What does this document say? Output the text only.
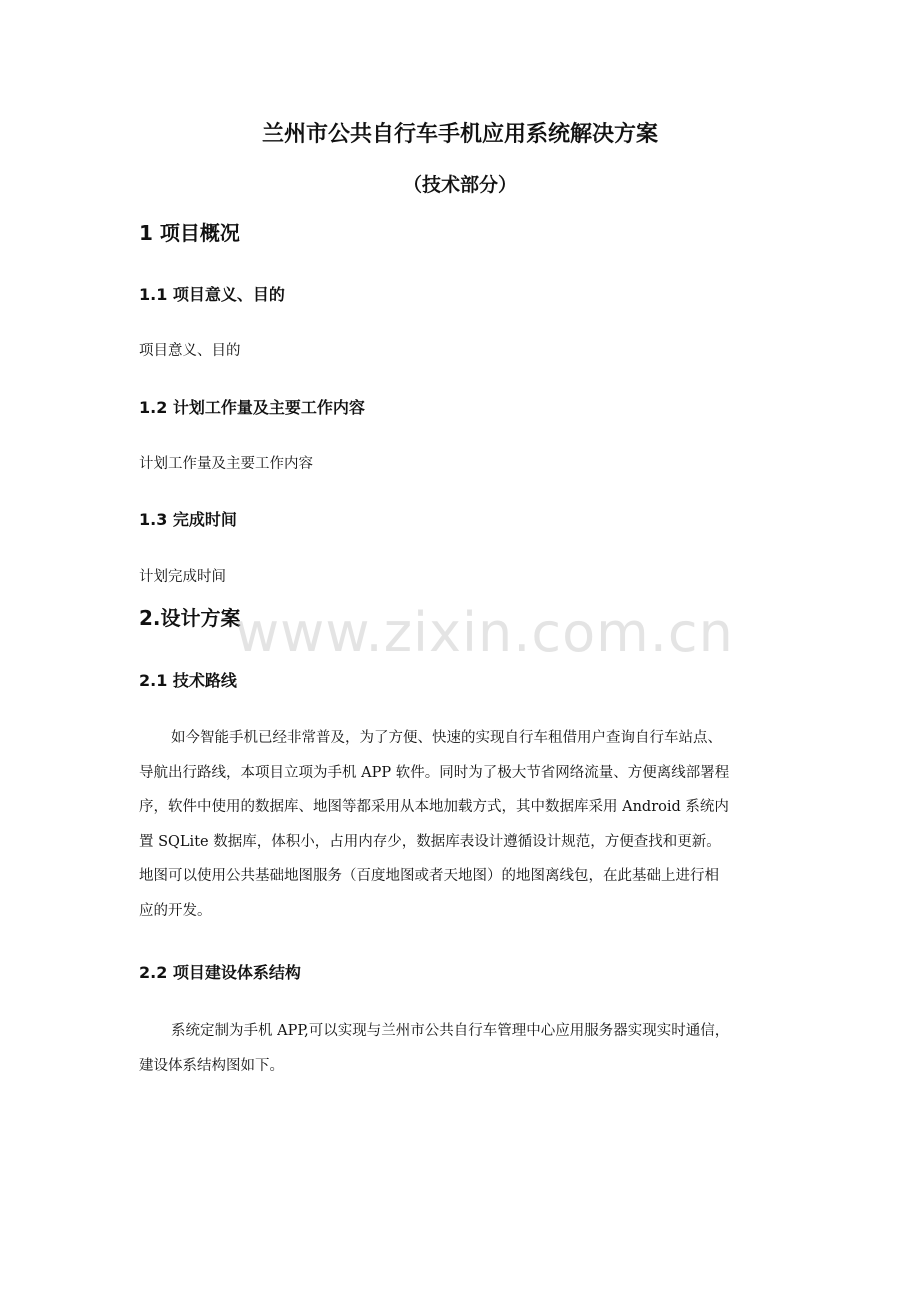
兰州市公共自行车手机应用系统解决方案
（技术部分）
1 项目概况
1.1 项目意义、目的
项目意义、目的
1.2 计划工作量及主要工作内容
计划工作量及主要工作内容
1.3 完成时间
计划完成时间
2.设计方案
2.1 技术路线
如今智能手机已经非常普及，为了方便、快速的实现自行车租借用户查询自行车站点、
导航出行路线，本项目立项为手机 APP 软件。同时为了极大节省网络流量、方便离线部署程
序，软件中使用的数据库、地图等都采用从本地加载方式，其中数据库采用 Android 系统内
置 SQLite 数据库，体积小，占用内存少，数据库表设计遵循设计规范，方便查找和更新。
地图可以使用公共基础地图服务（百度地图或者天地图）的地图离线包，在此基础上进行相
应的开发。
2.2 项目建设体系结构
系统定制为手机 APP,可以实现与兰州市公共自行车管理中心应用服务器实现实时通信，
建设体系结构图如下。
www.zixin.com.cn
